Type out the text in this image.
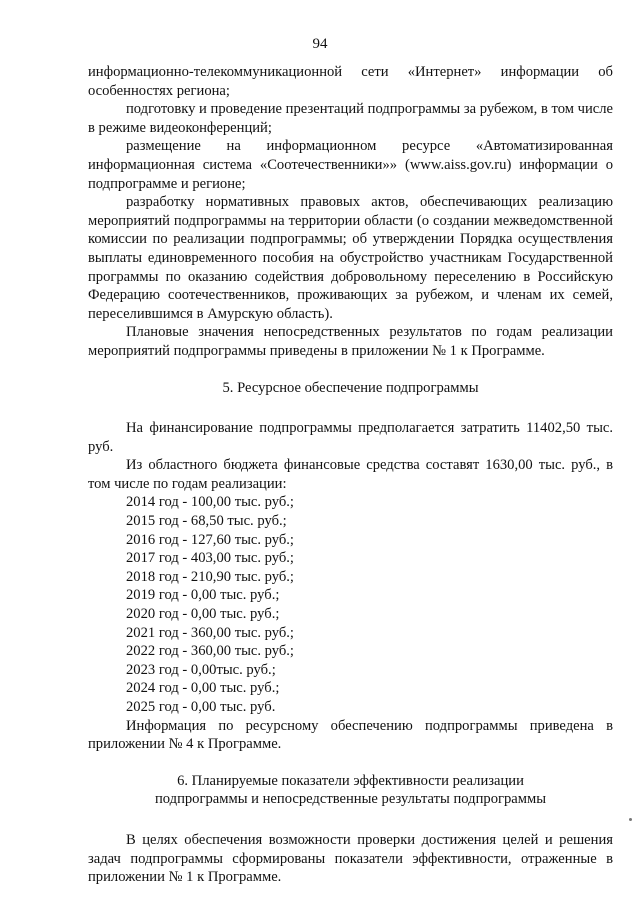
94

информационно-телекоммуникационной сети «Интернет» информации об особенностях региона;

подготовку и проведение презентаций подпрограммы за рубежом, в том числе в режиме видеоконференций;

размещение на информационном ресурсе «Автоматизированная информационная система «Соотечественники»» (www.aiss.gov.ru) информации о подпрограмме и регионе;

разработку нормативных правовых актов, обеспечивающих реализацию мероприятий подпрограммы на территории области (о создании межведомственной комиссии по реализации подпрограммы; об утверждении Порядка осуществления выплаты единовременного пособия на обустройство участникам Государственной программы по оказанию содействия добровольному переселению в Российскую Федерацию соотечественников, проживающих за рубежом, и членам их семей, переселившимся в Амурскую область).

Плановые значения непосредственных результатов по годам реализации мероприятий подпрограммы приведены в приложении № 1 к Программе.

5. Ресурсное обеспечение подпрограммы

На финансирование подпрограммы предполагается затратить 11402,50 тыс. руб.

Из областного бюджета финансовые средства составят 1630,00 тыс. руб., в том числе по годам реализации:

2014 год - 100,00 тыс. руб.;

2015 год - 68,50 тыс. руб.;

2016 год - 127,60 тыс. руб.;

2017 год - 403,00 тыс. руб.;

2018 год - 210,90 тыс. руб.;

2019 год - 0,00 тыс. руб.;

2020 год - 0,00 тыс. руб.;

2021 год - 360,00 тыс. руб.;

2022 год - 360,00 тыс. руб.;

2023 год - 0,00тыс. руб.;

2024 год - 0,00 тыс. руб.;

2025 год - 0,00 тыс. руб.

Информация по ресурсному обеспечению подпрограммы приведена в приложении № 4 к Программе.

6. Планируемые показатели эффективности реализации

подпрограммы и непосредственные результаты подпрограммы

В целях обеспечения возможности проверки достижения целей и решения задач подпрограммы сформированы показатели эффективности, отраженные в приложении № 1 к Программе.
